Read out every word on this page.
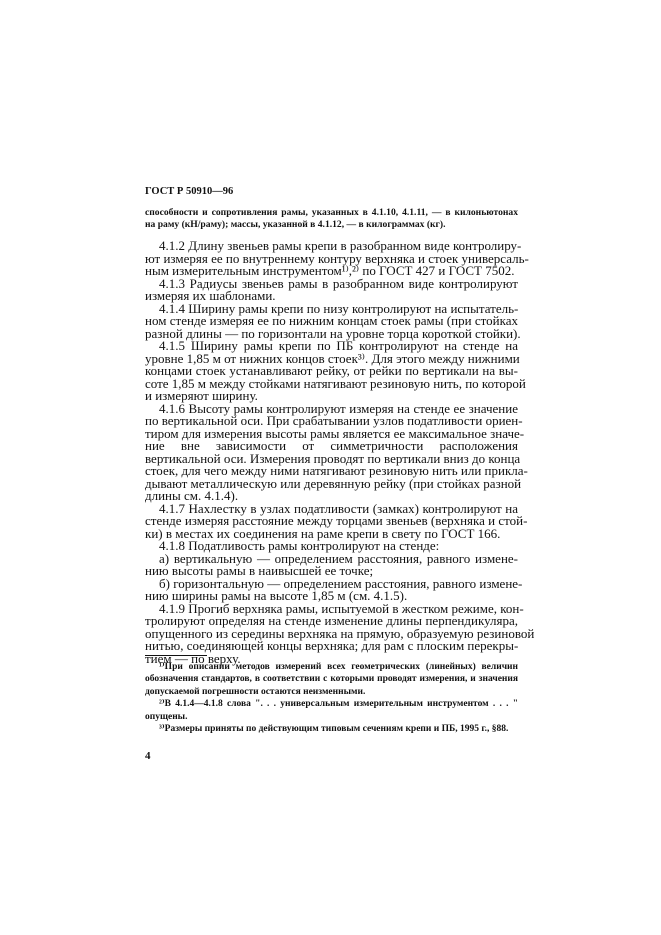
ГОСТ Р 50910—96
способности и сопротивления рамы, указанных в 4.1.10, 4.1.11, — в килоньютонах
на раму (кН/раму); массы, указанной в 4.1.12, — в килограммах (кг).
4.1.2 Длину звеньев рамы крепи в разобранном виде контролиру-
ют измеряя ее по внутреннему контуру верхняка и стоек универсаль-
ным измерительным инструментом¹⁾,²⁾ по ГОСТ 427 и ГОСТ 7502.
4.1.3 Радиусы звеньев рамы в разобранном виде контролируют
измеряя их шаблонами.
4.1.4 Ширину рамы крепи по низу контролируют на испытатель-
ном стенде измеряя ее по нижним концам стоек рамы (при стойках
разной длины — по горизонтали на уровне торца короткой стойки).
4.1.5 Ширину рамы крепи по ПБ контролируют на стенде на
уровне 1,85 м от нижних концов стоек³⁾. Для этого между нижними
концами стоек устанавливают рейку, от рейки по вертикали на вы-
соте 1,85 м между стойками натягивают резиновую нить, по которой
и измеряют ширину.
4.1.6 Высоту рамы контролируют измеряя на стенде ее значение
по вертикальной оси. При срабатывании узлов податливости ориен-
тиром для измерения высоты рамы является ее максимальное значе-
ние вне зависимости от симметричности расположения
вертикальной оси. Измерения проводят по вертикали вниз до конца
стоек, для чего между ними натягивают резиновую нить или прикла-
дывают металлическую или деревянную рейку (при стойках разной
длины см. 4.1.4).
4.1.7 Нахлестку в узлах податливости (замках) контролируют на
стенде измеряя расстояние между торцами звеньев (верхняка и стой-
ки) в местах их соединения на раме крепи в свету по ГОСТ 166.
4.1.8 Податливость рамы контролируют на стенде:
а) вертикальную — определением расстояния, равного измене-
нию высоты рамы в наивысшей ее точке;
б) горизонтальную — определением расстояния, равного измене-
нию ширины рамы на высоте 1,85 м (см. 4.1.5).
4.1.9 Прогиб верхняка рамы, испытуемой в жестком режиме, кон-
тролируют определяя на стенде изменение длины перпендикуляра,
опущенного из середины верхняка на прямую, образуемую резиновой
нитью, соединяющей концы верхняка; для рам с плоским перекры-
тием — по верху.
¹⁾При описании методов измерений всех геометрических (линейных) величин
обозначения стандартов, в соответствии с которыми проводят измерения, и значения
допускаемой погрешности остаются неизменными.
²⁾В 4.1.4—4.1.8 слова ". . . универсальным измерительным инструментом . . . "
опущены.
³⁾Размеры приняты по действующим типовым сечениям крепи и ПБ, 1995 г., §88.
4
